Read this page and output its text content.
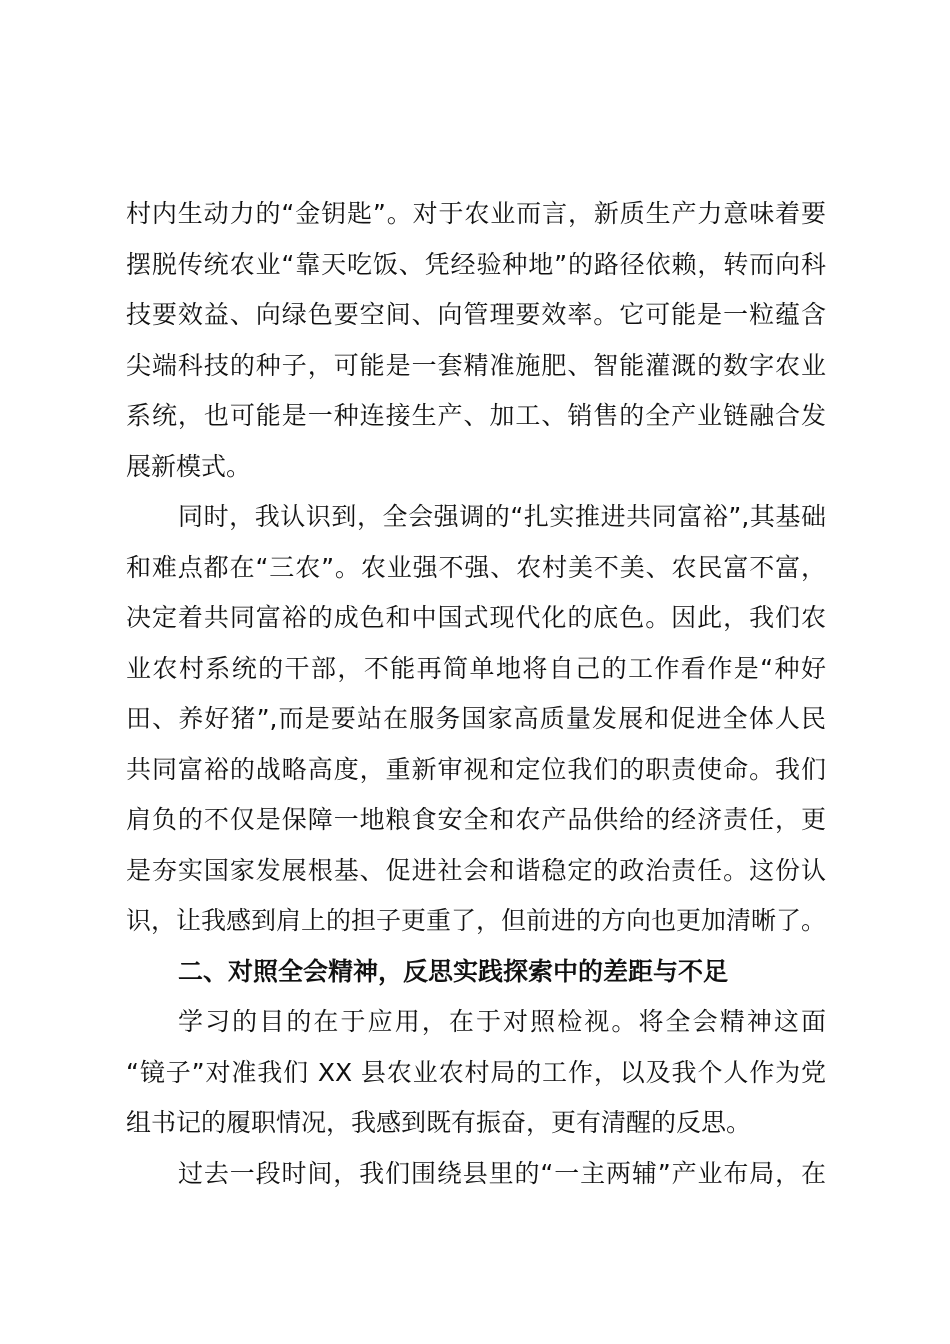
村内生动力的“金钥匙”。对于农业而言，新质生产力意味着要
摆脱传统农业“靠天吃饭、凭经验种地”的路径依赖，转而向科
技要效益、向绿色要空间、向管理要效率。它可能是一粒蕴含
尖端科技的种子，可能是一套精准施肥、智能灌溉的数字农业
系统，也可能是一种连接生产、加工、销售的全产业链融合发
展新模式。
同时，我认识到，全会强调的“扎实推进共同富裕”,其基础
和难点都在“三农”。农业强不强、农村美不美、农民富不富，
决定着共同富裕的成色和中国式现代化的底色。因此，我们农
业农村系统的干部，不能再简单地将自己的工作看作是“种好
田、养好猪”,而是要站在服务国家高质量发展和促进全体人民
共同富裕的战略高度，重新审视和定位我们的职责使命。我们
肩负的不仅是保障一地粮食安全和农产品供给的经济责任，更
是夯实国家发展根基、促进社会和谐稳定的政治责任。这份认
识，让我感到肩上的担子更重了，但前进的方向也更加清晰了。
二、对照全会精神，反思实践探索中的差距与不足
学习的目的在于应用，在于对照检视。将全会精神这面
“镜子”对准我们 XX 县农业农村局的工作，以及我个人作为党
组书记的履职情况，我感到既有振奋，更有清醒的反思。
过去一段时间，我们围绕县里的“一主两辅”产业布局，在
